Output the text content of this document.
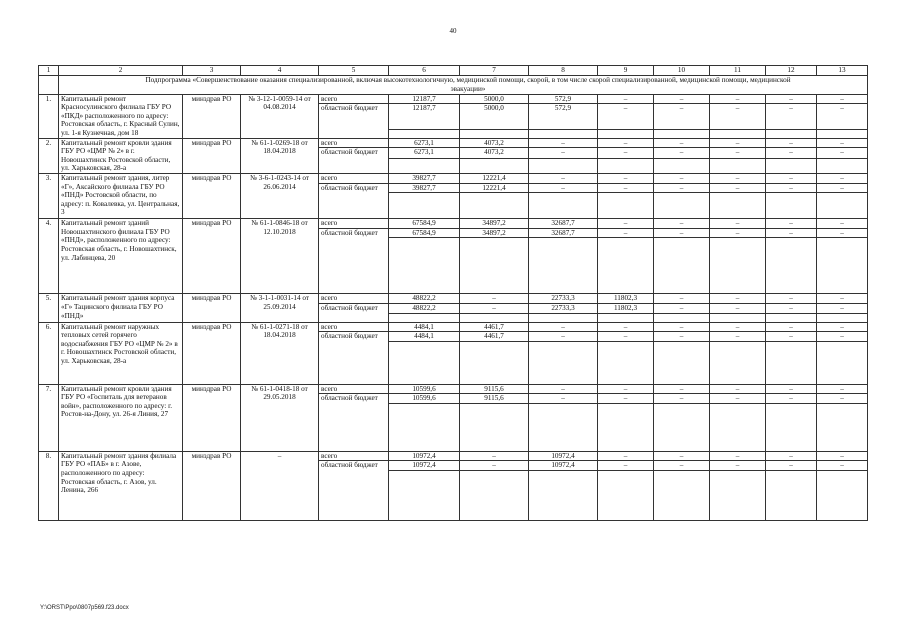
40
1	2	3	4	5	6	7	8	9	10	11	12	13
	Подпрограмма «Совершенствование оказания специализированной, включая высокотехнологичную, медицинской помощи, скорой, в том числе скорой специализированной, медицинской помощи, медицинской эвакуации»											
1.	Капитальный ремонт Красносулинского филиала ГБУ РО «ПКД» расположенного по адресу: Ростовская область, г. Красный Сулин, ул. 1-я Кузнечная, дом 18	минздрав РО	№ 3-12-1-0059-14 от 04.08.2014	всего	12187,7	5000,0	572,9	–	–	–	–	–
				областной бюджет	12187,7	5000,0	572,9	–	–	–	–	–

2.	Капитальный ремонт кровли здания ГБУ РО «ЦМР № 2» в г. Новошахтинск Ростовской области, ул. Харьковская, 28-а	минздрав РО	№ 61-1-0269-18 от 18.04.2018	всего	6273,1	4073,2	–	–	–	–	–	–
				областной бюджет	6273,1	4073,2	–	–	–	–	–	–

3.	Капитальный ремонт здания, литер «Г», Аксайского филиала ГБУ РО «ПНД» Ростовской области, по адресу: п. Ковалевка, ул. Центральная, 3	минздрав РО	№ 3-6-1-0243-14 от 26.06.2014	всего	39827,7	12221,4	–	–	–	–	–	–
				областной бюджет	39827,7	12221,4	–	–	–	–	–	–

4.	Капитальный ремонт зданий Новошахтинского филиала ГБУ РО «ПНД», расположенного по адресу: Ростовская область, г. Новошахтинск, ул. Лабинцева, 20	минздрав РО	№ 61-1-0846-18 от 12.10.2018	всего	67584,9	34897,2	32687,7	–	–	–	–	–
				областной бюджет	67584,9	34897,2	32687,7	–	–	–	–	–

5.	Капитальный ремонт здания корпуса «Г» Тацинского филиала ГБУ РО «ПНД»	минздрав РО	№ 3-1-1-0031-14 от 25.09.2014	всего	48822,2	–	22733,3	11802,3	–	–	–	–
				областной бюджет	48822,2	–	22733,3	11802,3	–	–	–	–

6.	Капитальный ремонт наружных тепловых сетей горячего водоснабжения ГБУ РО «ЦМР № 2» в г. Новошахтинск Ростовской области, ул. Харьковская, 28-а	минздрав РО	№ 61-1-0271-18 от 18.04.2018	всего	4484,1	4461,7	–	–	–	–	–	–
				областной бюджет	4484,1	4461,7	–	–	–	–	–	–

7.	Капитальный ремонт кровли здания ГБУ РО «Госпиталь для ветеранов войн», расположенного по адресу: г. Ростов-на-Дону, ул. 26-я Линия, 27	минздрав РО	№ 61-1-0418-18 от 29.05.2018	всего	10599,6	9115,6	–	–	–	–	–	–
				областной бюджет	10599,6	9115,6	–	–	–	–	–	–

8.	Капитальный ремонт здания филиала ГБУ РО «ПАБ» в г. Азове, расположенного по адресу: Ростовская область, г. Азов, ул. Ленина, 266	минздрав РО	–	всего	10972,4	–	10972,4	–	–	–	–	–
				областной бюджет	10972,4	–	10972,4	–	–	–	–	–

Y:\ORST\Ppo\0807p569.f23.docx
